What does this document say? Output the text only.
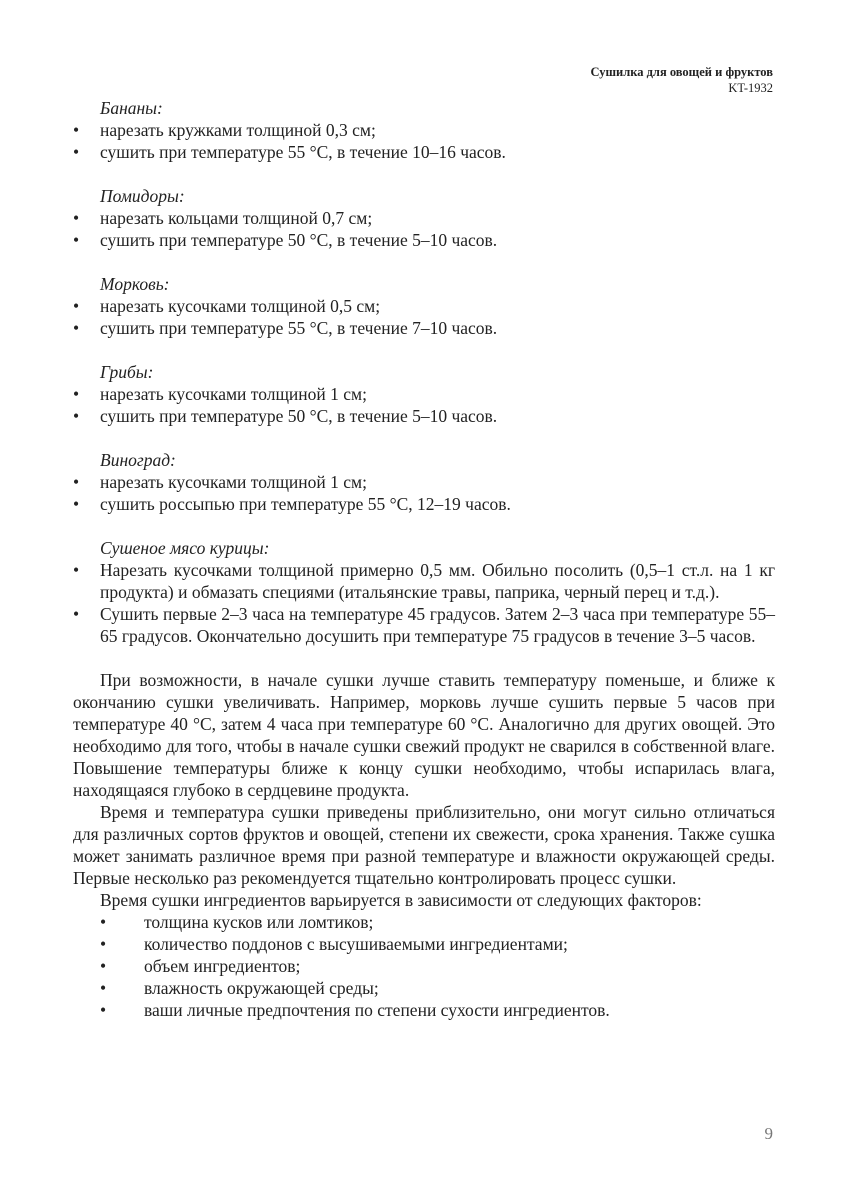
Сушилка для овощей и фруктов
KT-1932
Бананы:
•	нарезать кружками толщиной 0,3 см;
•	сушить при температуре 55 °С, в течение 10–16 часов.
Помидоры:
•	нарезать кольцами толщиной 0,7 см;
•	сушить при температуре 50 °С, в течение 5–10 часов.
Морковь:
•	нарезать кусочками толщиной 0,5 см;
•	сушить при температуре 55 °С, в течение 7–10 часов.
Грибы:
•	нарезать кусочками толщиной 1 см;
•	сушить при температуре 50 °С, в течение 5–10 часов.
Виноград:
•	нарезать кусочками толщиной 1 см;
•	сушить россыпью при температуре 55 °С, 12–19 часов.
Сушеное мясо курицы:
•	Нарезать кусочками толщиной примерно 0,5 мм. Обильно посолить (0,5–1 ст.л. на 1 кг продукта) и обмазать специями (итальянские травы, паприка, черный перец и т.д.).
•	Сушить первые 2–3 часа на температуре 45 градусов. Затем 2–3 часа при температуре 55–65 градусов. Окончательно досушить при температуре 75 градусов в течение 3–5 часов.

При возможности, в начале сушки лучше ставить температуру поменьше, и ближе к окончанию сушки увеличивать. Например, морковь лучше сушить первые 5 часов при температуре 40 °С, затем 4 часа при температуре 60 °С. Аналогично для других овощей. Это необходимо для того, чтобы в начале сушки свежий продукт не сварился в собственной влаге. Повышение температуры ближе к концу сушки необходимо, чтобы испарилась влага, находящаяся глубоко в сердцевине продукта.

Время и температура сушки приведены приблизительно, они могут сильно отличаться для различных сортов фруктов и овощей, степени их свежести, срока хранения. Также сушка может занимать различное время при разной температуре и влажности окружающей среды. Первые несколько раз рекомендуется тщательно контролировать процесс сушки.

Время сушки ингредиентов варьируется в зависимости от следующих факторов:

• толщина кусков или ломтиков;
• количество поддонов с высушиваемыми ингредиентами;
• объем ингредиентов;
• влажность окружающей среды;
• ваши личные предпочтения по степени сухости ингредиентов.
9
